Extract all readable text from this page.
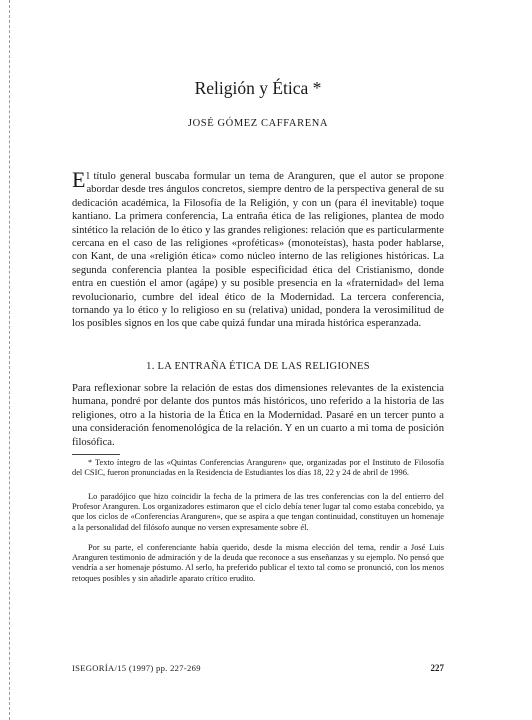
Religión y Ética *
JOSÉ GÓMEZ CAFFARENA

El título general buscaba formular un tema de Aranguren, que el autor se propone abordar desde tres ángulos concretos, siempre dentro de la perspectiva general de su dedicación académica, la Filosofía de la Religión, y con un (para él inevitable) toque kantiano. La primera conferencia, La entraña ética de las religiones, plantea de modo sintético la relación de lo ético y las grandes religiones: relación que es particularmente cercana en el caso de las religiones «proféticas» (monoteístas), hasta poder hablarse, con Kant, de una «religión ética» como núcleo interno de las religiones históricas. La segunda conferencia plantea la posible especificidad ética del Cristianismo, donde entra en cuestión el amor (agápe) y su posible presencia en la «fraternidad» del lema revolucionario, cumbre del ideal ético de la Modernidad. La tercera conferencia, tornando ya lo ético y lo religioso en su (relativa) unidad, pondera la verosimilitud de los posibles signos en los que cabe quizá fundar una mirada histórica esperanzada.

1. LA ENTRAÑA ÉTICA DE LAS RELIGIONES

Para reflexionar sobre la relación de estas dos dimensiones relevantes de la existencia humana, pondré por delante dos puntos más históricos, uno referido a la historia de las religiones, otro a la historia de la Ética en la Modernidad. Pasaré en un tercer punto a una consideración fenomenológica de la relación. Y en un cuarto a mi toma de posición filosófica.

* Texto íntegro de las «Quintas Conferencias Aranguren» que, organizadas por el Instituto de Filosofía del CSIC, fueron pronunciadas en la Residencia de Estudiantes los días 18, 22 y 24 de abril de 1996.

Lo paradójico que hizo coincidir la fecha de la primera de las tres conferencias con la del entierro del Profesor Aranguren. Los organizadores estimaron que el ciclo debía tener lugar tal como estaba concebido, ya que los ciclos de «Conferencias Aranguren», que se aspira a que tengan continuidad, constituyen un homenaje a la personalidad del filósofo aunque no versen expresamente sobre él.

Por su parte, el conferenciante había querido, desde la misma elección del tema, rendir a José Luis Aranguren testimonio de admiración y de la deuda que reconoce a sus enseñanzas y su ejemplo. No pensó que vendría a ser homenaje póstumo. Al serlo, ha preferido publicar el texto tal como se pronunció, con los menos retoques posibles y sin añadirle aparato crítico erudito.

ISEGORÍA/15 (1997) pp. 227-269	227
